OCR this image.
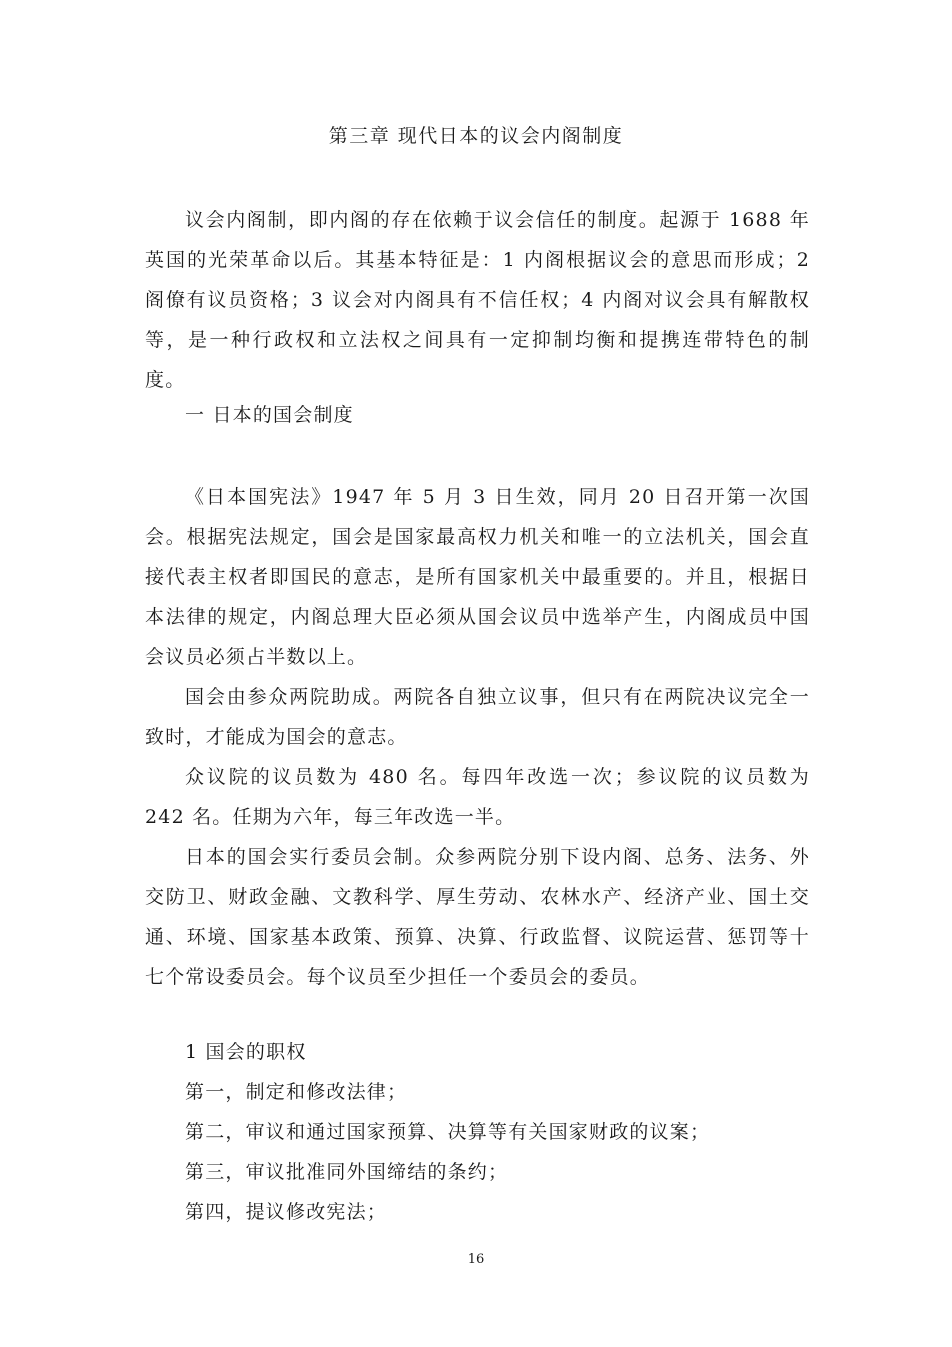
第三章 现代日本的议会内阁制度

议会内阁制，即内阁的存在依赖于议会信任的制度。起源于 1688 年英国的光荣革命以后。其基本特征是：1 内阁根据议会的意思而形成；2 阁僚有议员资格；3 议会对内阁具有不信任权；4 内阁对议会具有解散权等，是一种行政权和立法权之间具有一定抑制均衡和提携连带特色的制度。

一 日本的国会制度

《日本国宪法》1947 年 5 月 3 日生效，同月 20 日召开第一次国会。根据宪法规定，国会是国家最高权力机关和唯一的立法机关，国会直接代表主权者即国民的意志，是所有国家机关中最重要的。并且，根据日本法律的规定，内阁总理大臣必须从国会议员中选举产生，内阁成员中国会议员必须占半数以上。

国会由参众两院助成。两院各自独立议事，但只有在两院决议完全一致时，才能成为国会的意志。

众议院的议员数为 480 名。每四年改选一次；参议院的议员数为 242 名。任期为六年，每三年改选一半。

日本的国会实行委员会制。众参两院分别下设内阁、总务、法务、外交防卫、财政金融、文教科学、厚生劳动、农林水产、经济产业、国土交通、环境、国家基本政策、预算、决算、行政监督、议院运营、惩罚等十七个常设委员会。每个议员至少担任一个委员会的委员。

1 国会的职权

第一，制定和修改法律；

第二，审议和通过国家预算、决算等有关国家财政的议案；

第三，审议批准同外国缔结的条约；

第四，提议修改宪法；

16
